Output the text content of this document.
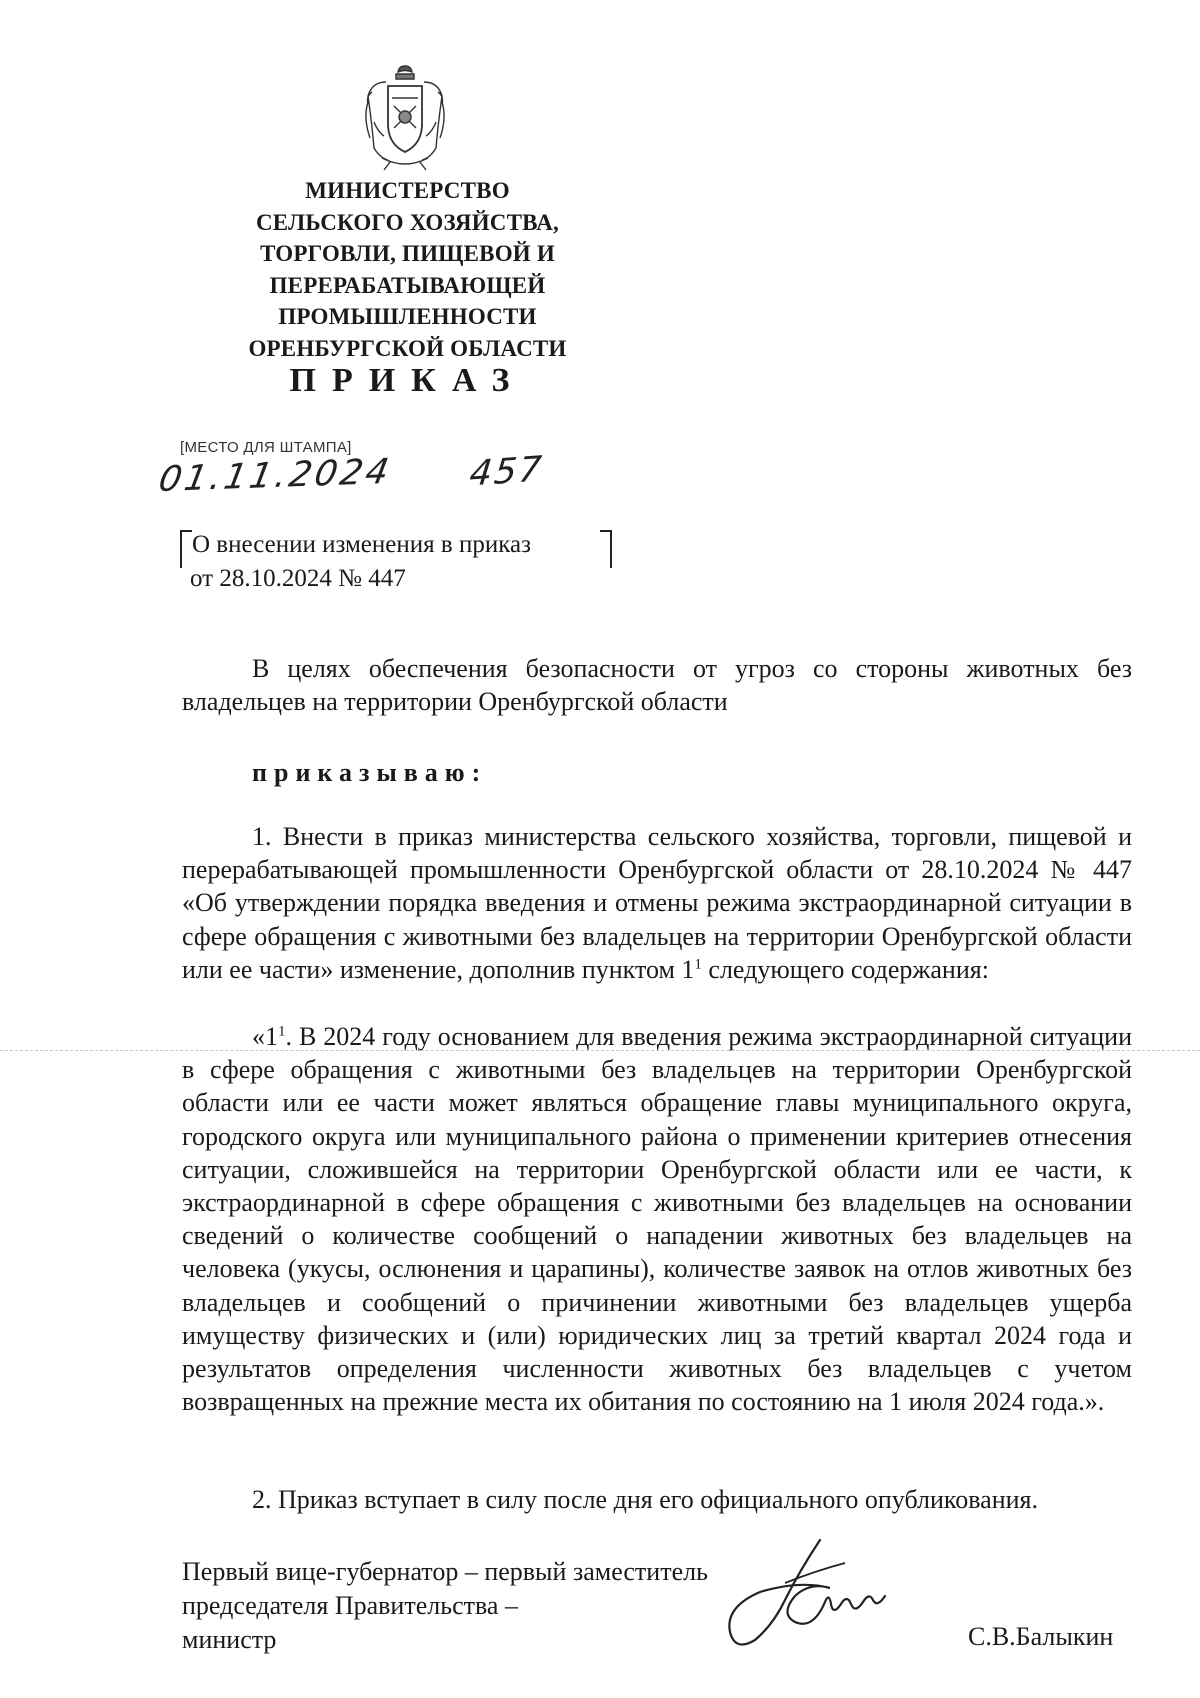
МИНИСТЕРСТВО
СЕЛЬСКОГО ХОЗЯЙСТВА,
ТОРГОВЛИ, ПИЩЕВОЙ И
ПЕРЕРАБАТЫВАЮЩЕЙ
ПРОМЫШЛЕННОСТИ
ОРЕНБУРГСКОЙ ОБЛАСТИ
ПРИКАЗ
[МЕСТО ДЛЯ ШТАМПА]
01.11.2024 457
О внесении изменения в приказ
от 28.10.2024 № 447
В целях обеспечения безопасности от угроз со стороны животных без владельцев на территории Оренбургской области
приказываю:
1. Внести в приказ министерства сельского хозяйства, торговли, пищевой и перерабатывающей промышленности Оренбургской области от 28.10.2024 № 447 «Об утверждении порядка введения и отмены режима экстраординарной ситуации в сфере обращения с животными без владельцев на территории Оренбургской области или ее части» изменение, дополнив пунктом $1^1$ следующего содержания:
«$1^1$. В 2024 году основанием для введения режима экстраординарной ситуации в сфере обращения с животными без владельцев на территории Оренбургской области или ее части может являться обращение главы муниципального округа, городского округа или муниципального района о применении критериев отнесения ситуации, сложившейся на территории Оренбургской области или ее части, к экстраординарной в сфере обращения с животными без владельцев на основании сведений о количестве сообщений о нападении животных без владельцев на человека (укусы, ослюнения и царапины), количестве заявок на отлов животных без владельцев и сообщений о причинении животными без владельцев ущерба имуществу физических и (или) юридических лиц за третий квартал 2024 года и результатов определения численности животных без владельцев с учетом возвращенных на прежние места их обитания по состоянию на 1 июля 2024 года.».
2. Приказ вступает в силу после дня его официального опубликования.
Первый вице-губернатор – первый заместитель
председателя Правительства –
министр	С.В.Балыкин
